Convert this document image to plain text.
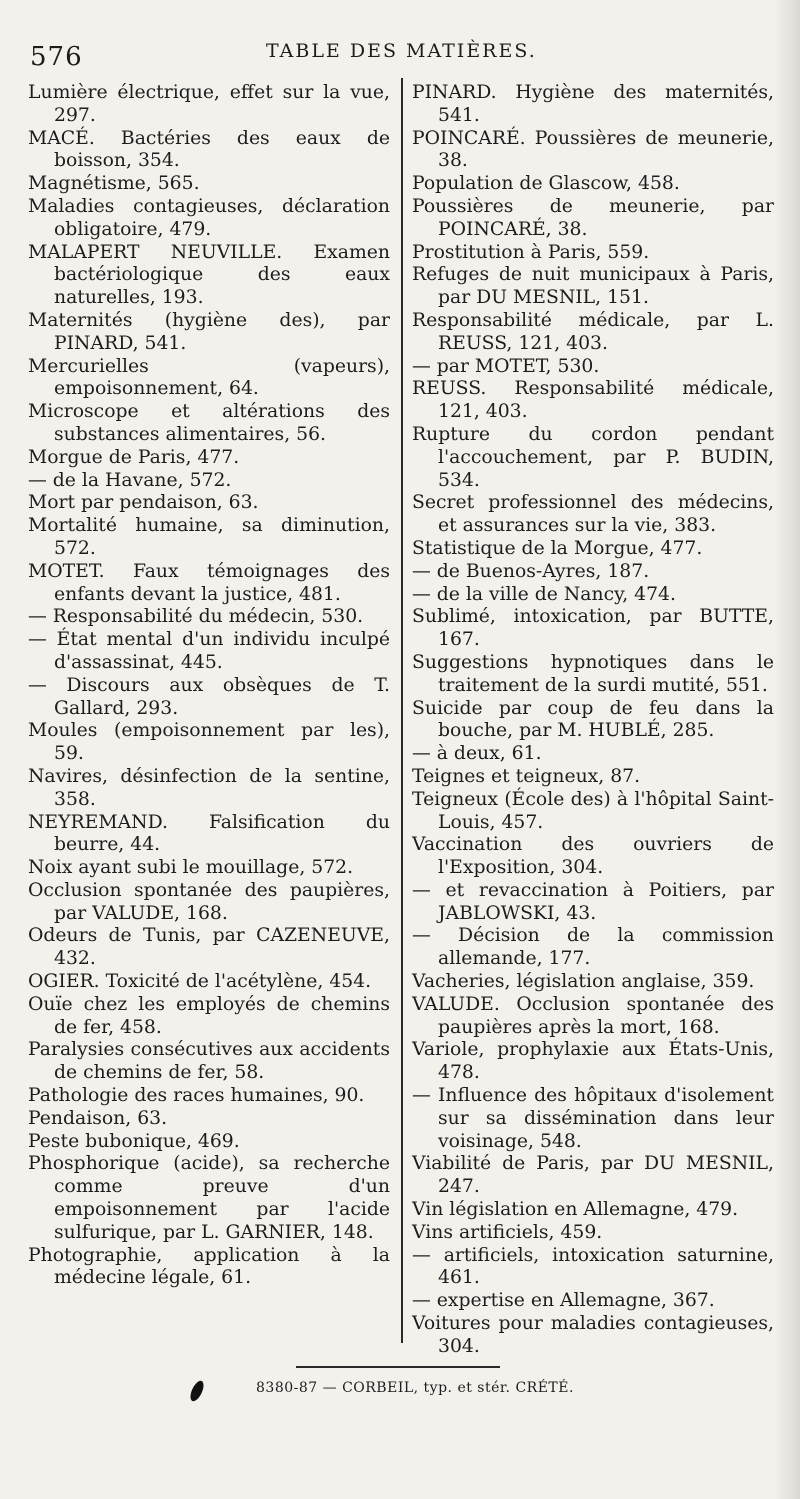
576	TABLE DES MATIÈRES.

Lumière électrique, effet sur la vue, 297.

MACÉ. Bactéries des eaux de boisson, 354.

Magnétisme, 565.

Maladies contagieuses, déclaration obligatoire, 479.

MALAPERT NEUVILLE. Examen bactériologique des eaux naturelles, 193.

Maternités (hygiène des), par PINARD, 541.

Mercurielles (vapeurs), empoisonnement, 64.

Microscope et altérations des substances alimentaires, 56.

Morgue de Paris, 477.

— de la Havane, 572.

Mort par pendaison, 63.

Mortalité humaine, sa diminution, 572.

MOTET. Faux témoignages des enfants devant la justice, 481.

— Responsabilité du médecin, 530.

— État mental d'un individu inculpé d'assassinat, 445.

— Discours aux obsèques de T. Gallard, 293.

Moules (empoisonnement par les), 59.

Navires, désinfection de la sentine, 358.

NEYREMAND. Falsification du beurre, 44.

Noix ayant subi le mouillage, 572.

Occlusion spontanée des paupières, par VALUDE, 168.

Odeurs de Tunis, par CAZENEUVE, 432.

OGIER. Toxicité de l'acétylène, 454.

Ouïe chez les employés de chemins de fer, 458.

Paralysies consécutives aux accidents de chemins de fer, 58.

Pathologie des races humaines, 90.

Pendaison, 63.

Peste bubonique, 469.

Phosphorique (acide), sa recherche comme preuve d'un empoisonnement par l'acide sulfurique, par L. GARNIER, 148.

Photographie, application à la médecine légale, 61.

PINARD. Hygiène des maternités, 541.

POINCARÉ. Poussières de meunerie, 38.

Population de Glascow, 458.

Poussières de meunerie, par POINCARÉ, 38.

Prostitution à Paris, 559.

Refuges de nuit municipaux à Paris, par DU MESNIL, 151.

Responsabilité médicale, par L. REUSS, 121, 403.

— par MOTET, 530.

REUSS. Responsabilité médicale, 121, 403.

Rupture du cordon pendant l'accouchement, par P. BUDIN, 534.

Secret professionnel des médecins, et assurances sur la vie, 383.

Statistique de la Morgue, 477.

— de Buenos-Ayres, 187.

— de la ville de Nancy, 474.

Sublimé, intoxication, par BUTTE, 167.

Suggestions hypnotiques dans le traitement de la surdi mutité, 551.

Suicide par coup de feu dans la bouche, par M. HUBLÉ, 285.

— à deux, 61.

Teignes et teigneux, 87.

Teigneux (École des) à l'hôpital Saint-Louis, 457.

Vaccination des ouvriers de l'Exposition, 304.

— et revaccination à Poitiers, par JABLOWSKI, 43.

— Décision de la commission allemande, 177.

Vacheries, législation anglaise, 359.

VALUDE. Occlusion spontanée des paupières après la mort, 168.

Variole, prophylaxie aux États-Unis, 478.

— Influence des hôpitaux d'isolement sur sa dissémination dans leur voisinage, 548.

Viabilité de Paris, par DU MESNIL, 247.

Vin législation en Allemagne, 479.

Vins artificiels, 459.

— artificiels, intoxication saturnine, 461.

— expertise en Allemagne, 367.

Voitures pour maladies contagieuses, 304.

8380-87 — CORBEIL, typ. et stér. CRÉTÉ.
